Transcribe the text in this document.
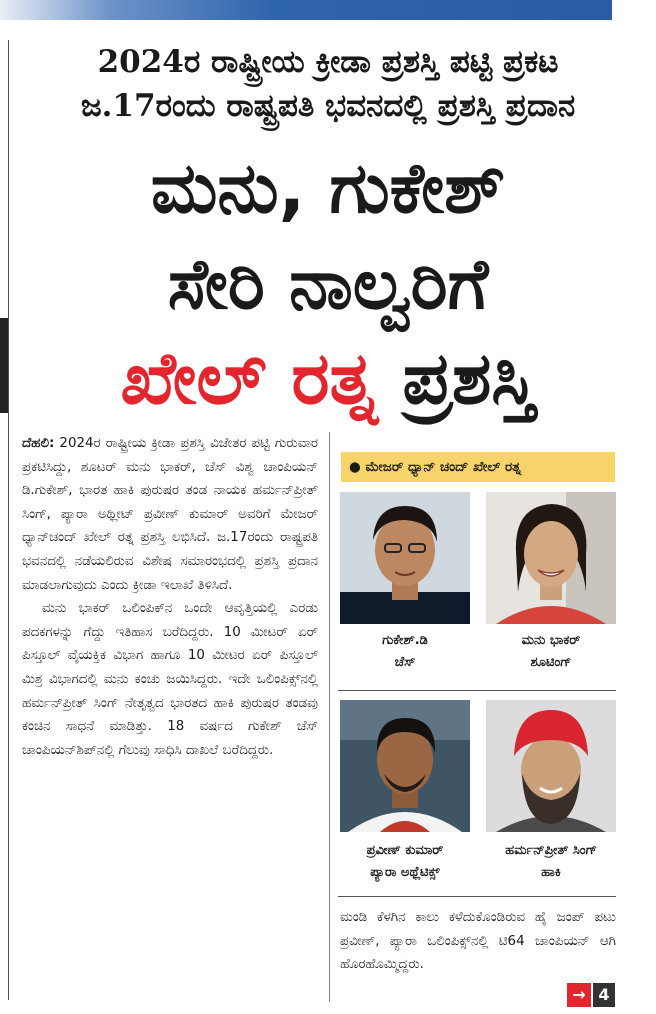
2024ರ ರಾಷ್ಟ್ರೀಯ ಕ್ರೀಡಾ ಪ್ರಶಸ್ತಿ ಪಟ್ಟಿ ಪ್ರಕಟ
ಜ.17ರಂದು ರಾಷ್ಟ್ರಪತಿ ಭವನದಲ್ಲಿ ಪ್ರಶಸ್ತಿ ಪ್ರದಾನ
ಮನು, ಗುಕೇಶ್
ಸೇರಿ ನಾಲ್ವರಿಗೆ
ಖೇಲ್ ರತ್ನ ಪ್ರಶಸ್ತಿ

ದೆಹಲಿ: 2024ರ ರಾಷ್ಟ್ರೀಯ ಕ್ರೀಡಾ ಪ್ರಶಸ್ತಿ ವಿಜೇತರ ಪಟ್ಟಿ ಗುರುವಾರ ಪ್ರಕಟಿಸಿದ್ದು, ಶೂಟರ್ ಮನು ಭಾಕರ್, ಚೆಸ್ ವಿಶ್ವ ಚಾಂಪಿಯನ್ ಡಿ.ಗುಕೇಶ್, ಭಾರತ ಹಾಕಿ ಪುರುಷರ ತಂಡ ನಾಯಕ ಹರ್ಮನ್‌ಪ್ರೀತ್ ಸಿಂಗ್, ಪ್ಯಾರಾ ಅಥ್ಲೀಟ್ ಪ್ರವೀಣ್ ಕುಮಾರ್ ಅವರಿಗೆ ಮೇಜರ್ ಧ್ಯಾನ್‌ಚಂದ್ ಖೇಲ್ ರತ್ನ ಪ್ರಶಸ್ತಿ ಲಭಿಸಿದೆ. ಜ.17ರಂದು ರಾಷ್ಟ್ರಪತಿ ಭವನದಲ್ಲಿ ನಡೆಯಲಿರುವ ವಿಶೇಷ ಸಮಾರಂಭದಲ್ಲಿ ಪ್ರಶಸ್ತಿ ಪ್ರದಾನ ಮಾಡಲಾಗುವುದು ಎಂದು ಕ್ರೀಡಾ ಇಲಾಖೆ ತಿಳಿಸಿದೆ.

ಮನು ಭಾಕರ್ ಒಲಿಂಪಿಕ್‌ನ ಒಂದೇ ಆವೃತ್ತಿಯಲ್ಲಿ ಎರಡು ಪದಕಗಳನ್ನು ಗೆದ್ದು ಇತಿಹಾಸ ಬರೆದಿದ್ದರು. 10 ಮೀಟರ್ ಏರ್ ಪಿಸ್ತೂಲ್ ವೈಯಕ್ತಿಕ ವಿಭಾಗ ಹಾಗೂ 10 ಮೀಟರ ಏರ್ ಪಿಸ್ತೂಲ್ ಮಿಶ್ರ ವಿಭಾಗದಲ್ಲಿ ಮನು ಕಂಚು ಜಯಿಸಿದ್ದರು. ಇದೇ ಒಲಿಂಪಿಕ್ಸ್‌ನಲ್ಲಿ ಹರ್ಮನ್‌ಪ್ರೀತ್ ಸಿಂಗ್ ನೇತೃತ್ವದ ಭಾರತದ ಹಾಕಿ ಪುರುಷರ ತಂಡವು ಕಂಚಿನ ಸಾಧನೆ ಮಾಡಿತ್ತು. 18 ವರ್ಷದ ಗುಕೇಶ್ ಚೆಸ್ ಚಾಂಪಿಯನ್‌ಶಿಪ್‌ನಲ್ಲಿ ಗೆಲುವು ಸಾಧಿಸಿ ದಾಖಲೆ ಬರೆದಿದ್ದರು.

● ಮೇಜರ್ ಧ್ಯಾನ್ ಚಂದ್ ಖೇಲ್ ರತ್ನ
ಗುಕೇಶ್.ಡಿ
ಚೆಸ್
ಮನು ಭಾಕರ್
ಶೂಟಿಂಗ್
ಪ್ರವೀಣ್ ಕುಮಾರ್
ಪ್ಯಾರಾ ಅಥ್ಲೆಟಿಕ್ಸ್
ಹರ್ಮನ್‌ಪ್ರೀತ್ ಸಿಂಗ್
ಹಾಕಿ

ಮಂಡಿ ಕೆಳಗಿನ ಕಾಲು ಕಳೆದುಕೊಂಡಿರುವ ಹೈ ಜಂಪ್ ಪಟು ಪ್ರವೀಣ್, ಪ್ಯಾರಾ ಒಲಿಂಪಿಕ್ಸ್‌ನಲ್ಲಿ ಟಿ64 ಚಾಂಪಿಯನ್ ಆಗಿ ಹೊರಹೊಮ್ಮಿದ್ದರು.

→ 4
